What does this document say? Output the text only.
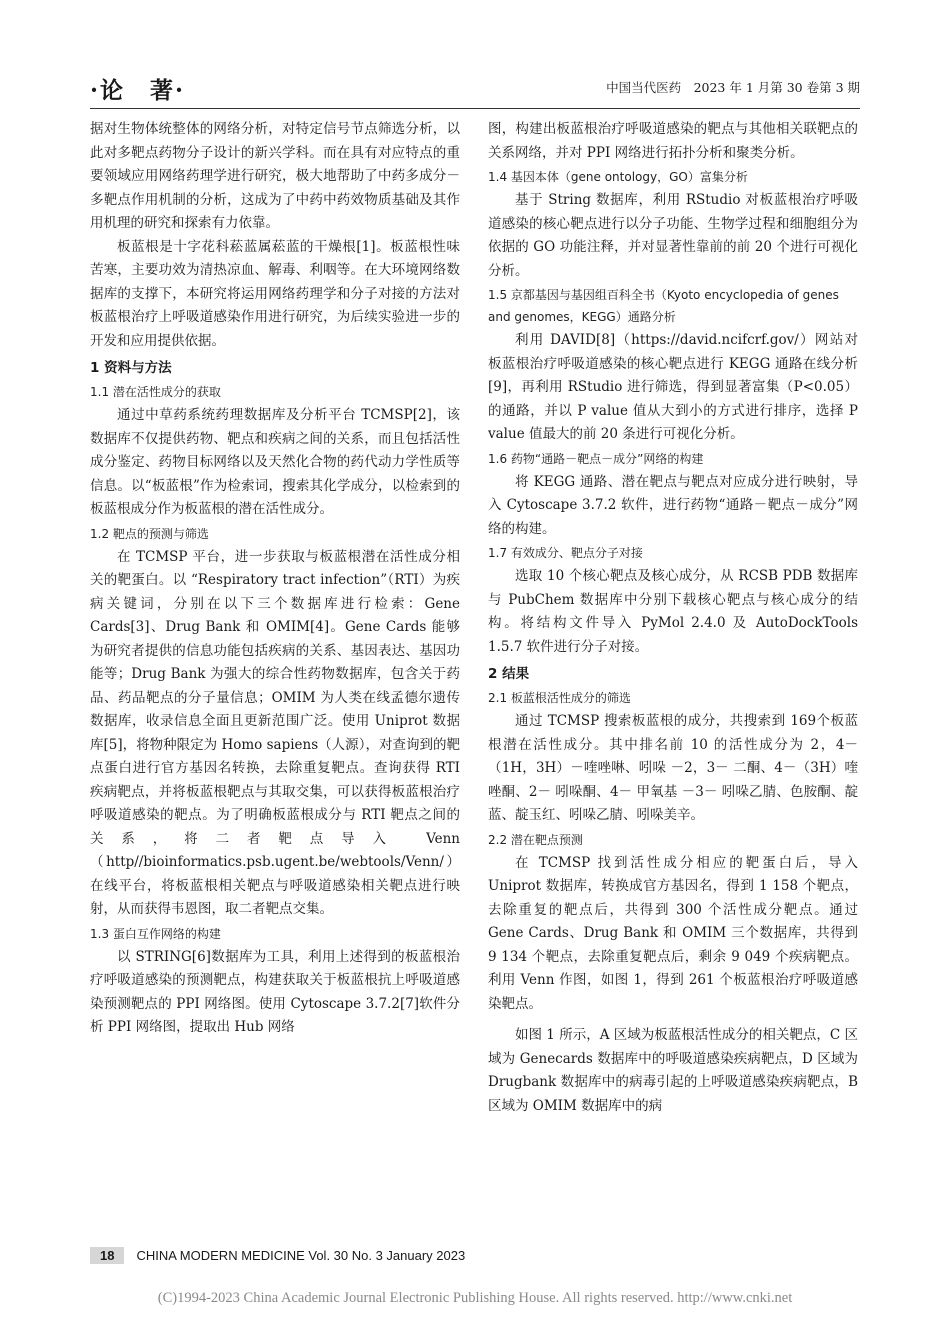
·论　著·	中国当代医药　2023 年 1 月第 30 卷第 3 期

据对生物体统整体的网络分析，对特定信号节点筛选分析，以此对多靶点药物分子设计的新兴学科。而在具有对应特点的重要领域应用网络药理学进行研究，极大地帮助了中药多成分－多靶点作用机制的分析，这成为了中药中药效物质基础及其作用机理的研究和探索有力依靠。

板蓝根是十字花科菘蓝属菘蓝的干燥根[1]。板蓝根性味苦寒，主要功效为清热凉血、解毒、利咽等。在大环境网络数据库的支撑下，本研究将运用网络药理学和分子对接的方法对板蓝根治疗上呼吸道感染作用进行研究，为后续实验进一步的开发和应用提供依据。

1 资料与方法
1.1 潜在活性成分的获取

通过中草药系统药理数据库及分析平台 TCMSP[2]，该数据库不仅提供药物、靶点和疾病之间的关系，而且包括活性成分鉴定、药物目标网络以及天然化合物的药代动力学性质等信息。以“板蓝根”作为检索词，搜索其化学成分，以检索到的板蓝根成分作为板蓝根的潜在活性成分。

1.2 靶点的预测与筛选

在 TCMSP 平台，进一步获取与板蓝根潜在活性成分相关的靶蛋白。以 “Respiratory tract infection”（RTI）为疾病关键词，分别在以下三个数据库进行检索：Gene Cards[3]、Drug Bank 和 OMIM[4]。Gene Cards 能够为研究者提供的信息功能包括疾病的关系、基因表达、基因功能等；Drug Bank 为强大的综合性药物数据库，包含关于药品、药品靶点的分子量信息；OMIM 为人类在线孟德尔遗传数据库，收录信息全面且更新范围广泛。使用 Uniprot 数据库[5]，将物种限定为 Homo sapiens（人源），对查询到的靶点蛋白进行官方基因名转换，去除重复靶点。查询获得 RTI 疾病靶点，并将板蓝根靶点与其取交集，可以获得板蓝根治疗呼吸道感染的靶点。为了明确板蓝根成分与 RTI 靶点之间的关系，将二者靶点导入 Venn（http//bioinformatics.psb.ugent.be/webtools/Venn/）在线平台，将板蓝根相关靶点与呼吸道感染相关靶点进行映射，从而获得韦恩图，取二者靶点交集。

1.3 蛋白互作网络的构建

以 STRING[6]数据库为工具，利用上述得到的板蓝根治疗呼吸道感染的预测靶点，构建获取关于板蓝根抗上呼吸道感染预测靶点的 PPI 网络图。使用 Cytoscape 3.7.2[7]软件分析 PPI 网络图，提取出 Hub 网络

图，构建出板蓝根治疗呼吸道感染的靶点与其他相关联靶点的关系网络，并对 PPI 网络进行拓扑分析和聚类分析。

1.4 基因本体（gene ontology，GO）富集分析

基于 String 数据库，利用 RStudio 对板蓝根治疗呼吸道感染的核心靶点进行以分子功能、生物学过程和细胞组分为依据的 GO 功能注释，并对显著性靠前的前 20 个进行可视化分析。

1.5 京都基因与基因组百科全书（Kyoto encyclopedia of genes and genomes，KEGG）通路分析

利用 DAVID[8]（https://david.ncifcrf.gov/）网站对板蓝根治疗呼吸道感染的核心靶点进行 KEGG 通路在线分析[9]，再利用 RStudio 进行筛选，得到显著富集（P<0.05）的通路，并以 P value 值从大到小的方式进行排序，选择 P value 值最大的前 20 条进行可视化分析。

1.6 药物“通路－靶点－成分”网络的构建

将 KEGG 通路、潜在靶点与靶点对应成分进行映射，导入 Cytoscape 3.7.2 软件，进行药物“通路－靶点－成分”网络的构建。

1.7 有效成分、靶点分子对接

选取 10 个核心靶点及核心成分，从 RCSB PDB 数据库与 PubChem 数据库中分别下载核心靶点与核心成分的结构。将结构文件导入 PyMol 2.4.0 及 AutoDockTools 1.5.7 软件进行分子对接。

2 结果
2.1 板蓝根活性成分的筛选

通过 TCMSP 搜索板蓝根的成分，共搜索到 169个板蓝根潜在活性成分。其中排名前 10 的活性成分为 2，4－（1H，3H）－喹唑啉、吲哚 －2，3－ 二酮、4－（3H）喹唑酮、2－ 吲哚酮、4－ 甲氧基 －3－ 吲哚乙腈、色胺酮、靛蓝、靛玉红、吲哚乙腈、吲哚美辛。

2.2 潜在靶点预测

在 TCMSP 找到活性成分相应的靶蛋白后，导入 Uniprot 数据库，转换成官方基因名，得到 1 158 个靶点，去除重复的靶点后，共得到 300 个活性成分靶点。通过 Gene Cards、Drug Bank 和 OMIM 三个数据库，共得到 9 134 个靶点，去除重复靶点后，剩余 9 049 个疾病靶点。利用 Venn 作图，如图 1，得到 261 个板蓝根治疗呼吸道感染靶点。

如图 1 所示，A 区域为板蓝根活性成分的相关靶点，C 区域为 Genecards 数据库中的呼吸道感染疾病靶点，D 区域为 Drugbank 数据库中的病毒引起的上呼吸道感染疾病靶点，B 区域为 OMIM 数据库中的病

18 CHINA MODERN MEDICINE Vol. 30 No. 3 January 2023
(C)1994-2023 China Academic Journal Electronic Publishing House. All rights reserved. http://www.cnki.net
